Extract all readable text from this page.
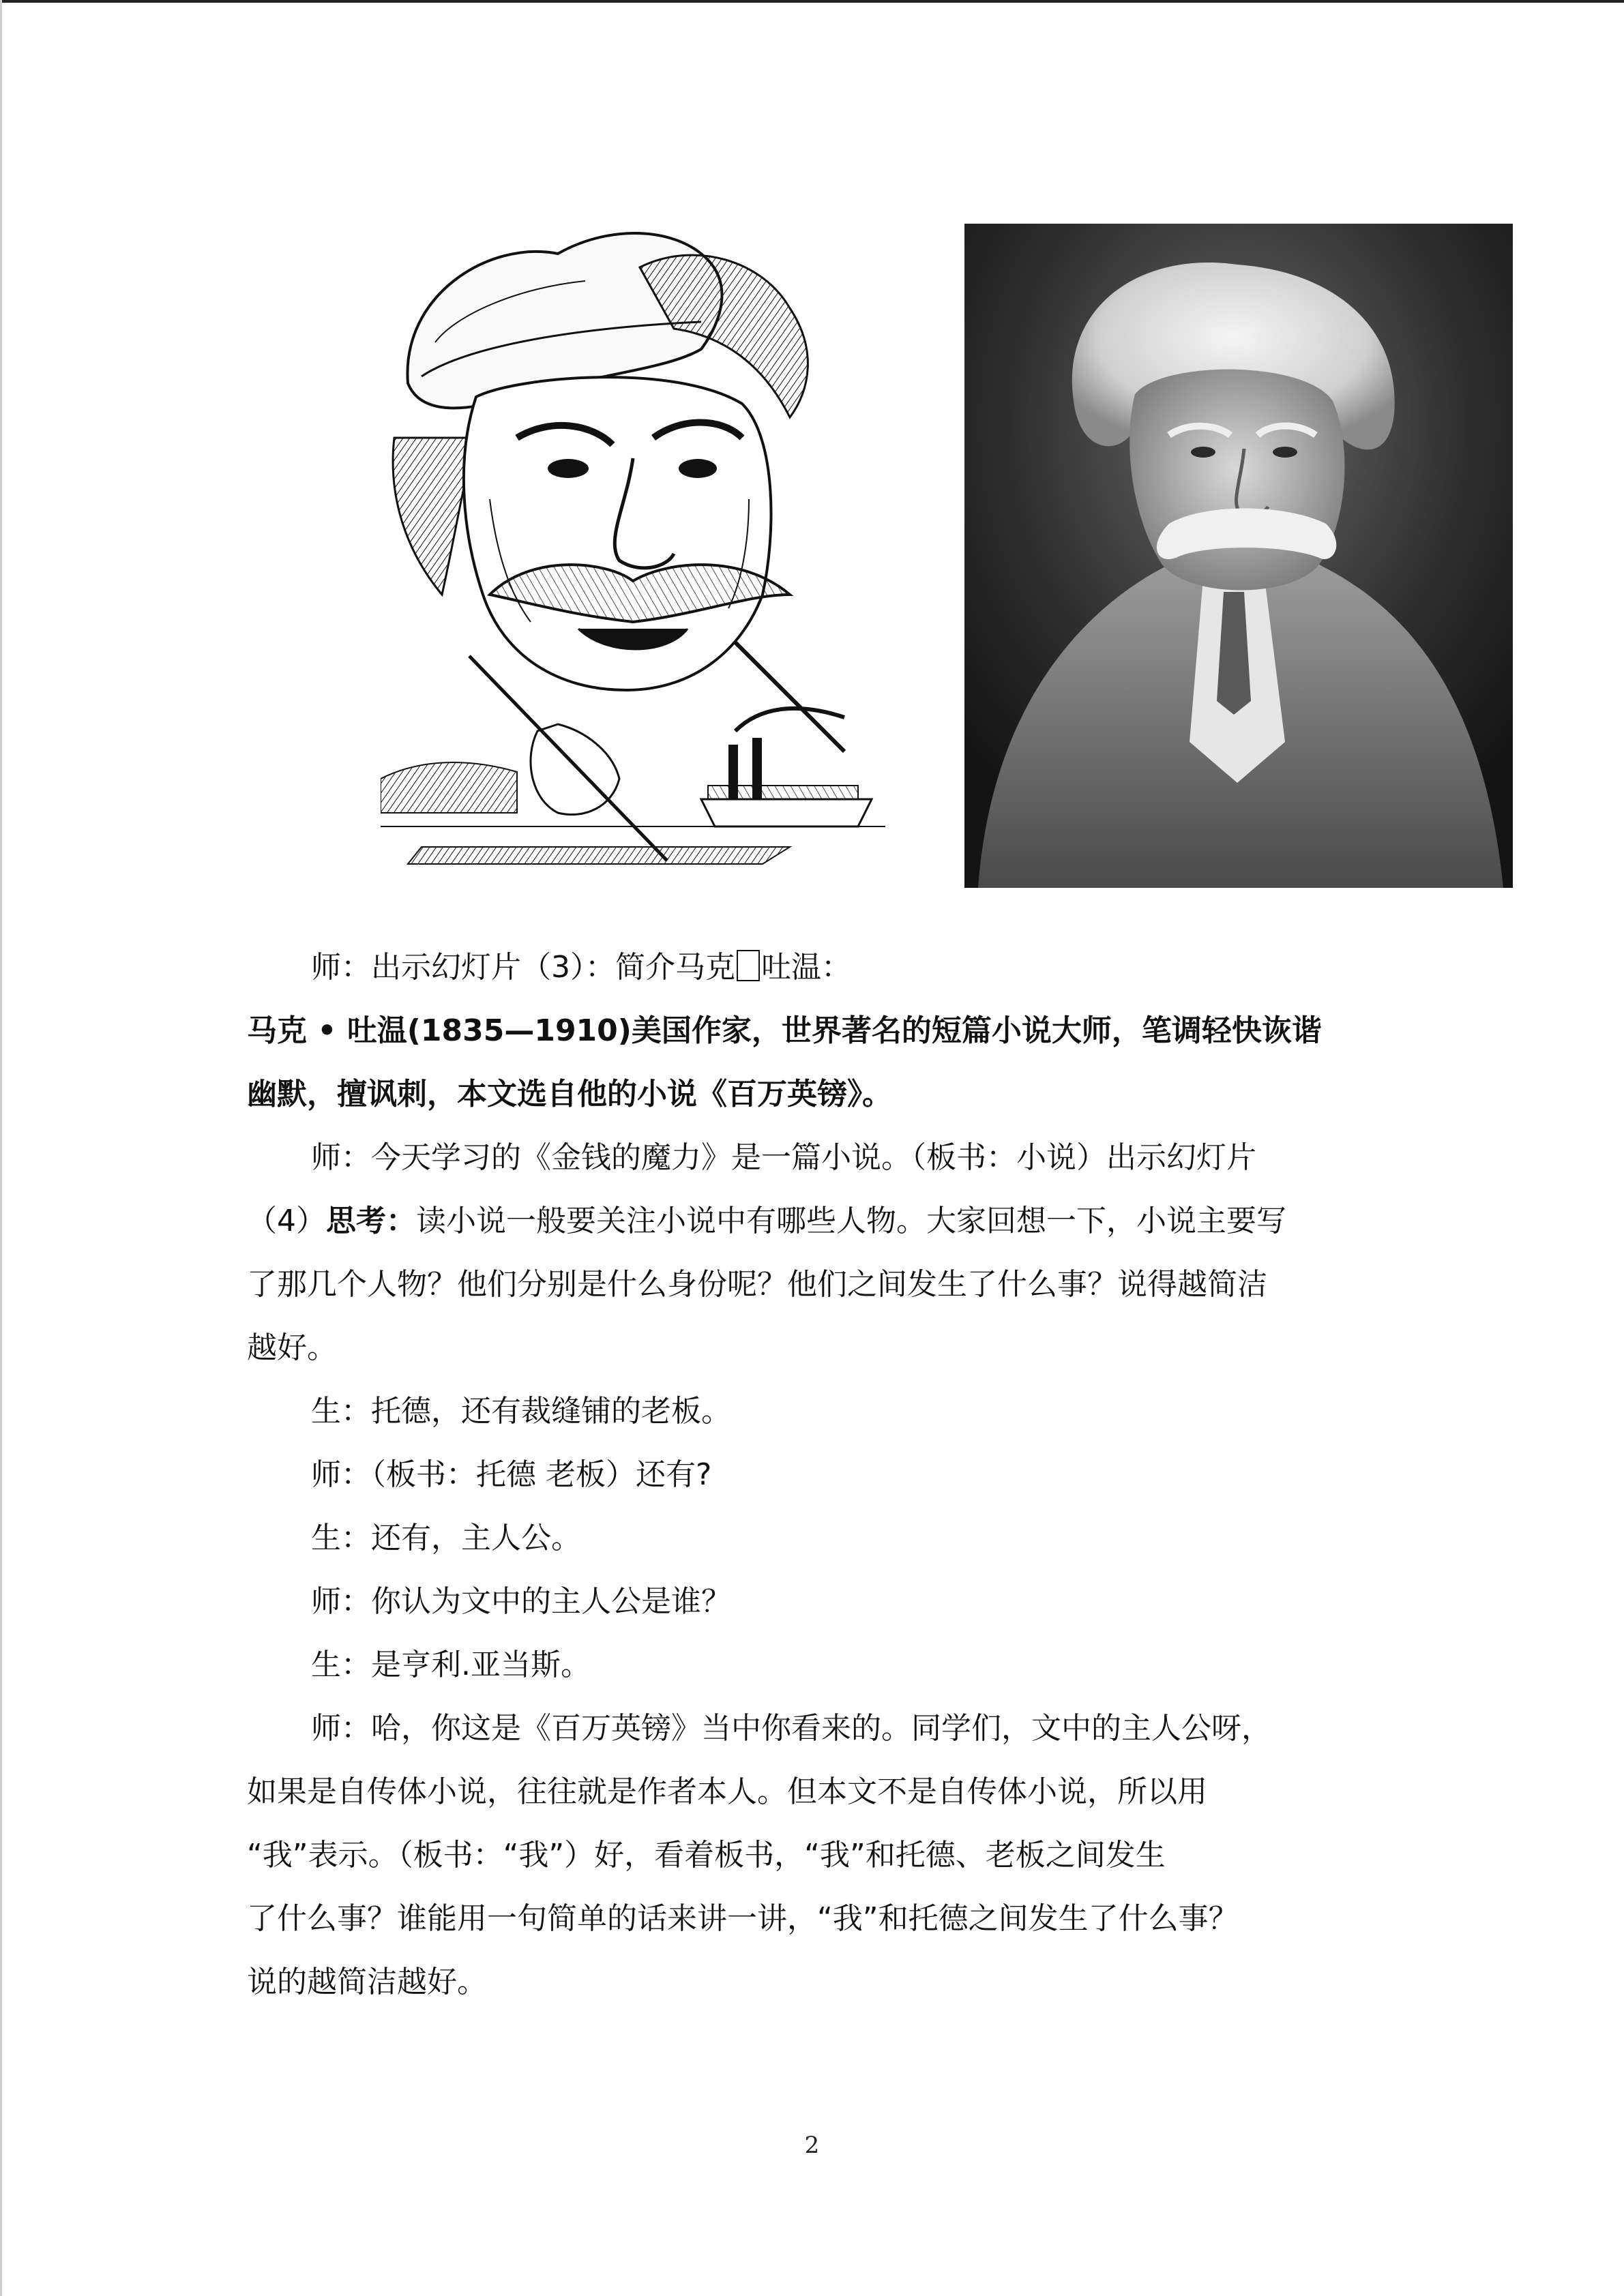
师：出示幻灯片（3）：简介马克 吐温：
马克 • 吐温(1835—1910)美国作家，世界著名的短篇小说大师，笔调轻快诙谐
幽默，擅讽刺，本文选自他的小说《百万英镑》。
师：今天学习的《金钱的魔力》是一篇小说。（板书：小说）出示幻灯片
（4）思考：读小说一般要关注小说中有哪些人物。大家回想一下，小说主要写
了那几个人物？他们分别是什么身份呢？他们之间发生了什么事？说得越简洁
越好。
生：托德，还有裁缝铺的老板。
师：（板书：托德 老板）还有?
生：还有，主人公。
师：你认为文中的主人公是谁？
生：是亨利.亚当斯。
师：哈，你这是《百万英镑》当中你看来的。同学们，文中的主人公呀，
如果是自传体小说，往往就是作者本人。但本文不是自传体小说，所以用
“我”表示。（板书：“我”）好，看着板书，“我”和托德、老板之间发生
了什么事？谁能用一句简单的话来讲一讲，“我”和托德之间发生了什么事？
说的越简洁越好。
2
